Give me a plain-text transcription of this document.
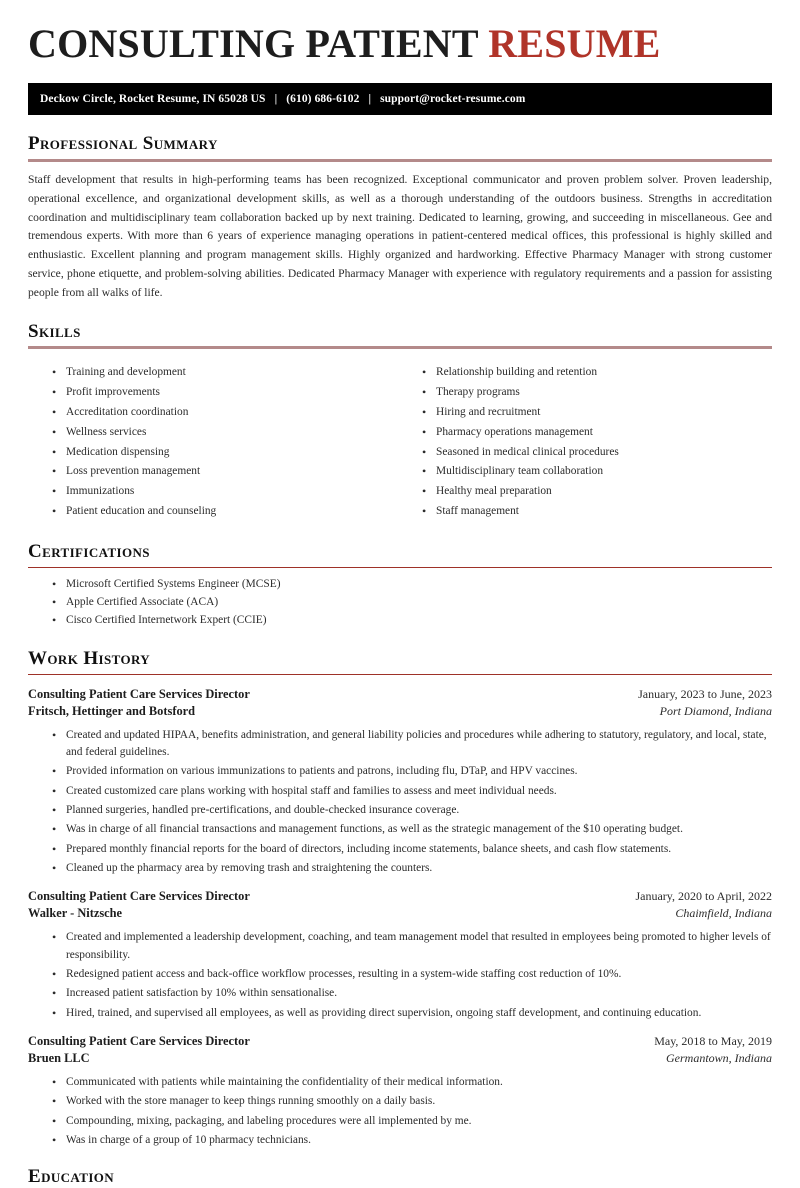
CONSULTING PATIENT RESUME
Deckow Circle, Rocket Resume, IN 65028 US | (610) 686-6102 | support@rocket-resume.com
Professional Summary

Staff development that results in high-performing teams has been recognized. Exceptional communicator and proven problem solver. Proven leadership, operational excellence, and organizational development skills, as well as a thorough understanding of the outdoors business. Strengths in accreditation coordination and multidisciplinary team collaboration backed up by next training. Dedicated to learning, growing, and succeeding in miscellaneous. Gee and tremendous experts. With more than 6 years of experience managing operations in patient-centered medical offices, this professional is highly skilled and enthusiastic. Excellent planning and program management skills. Highly organized and hardworking. Effective Pharmacy Manager with strong customer service, phone etiquette, and problem-solving abilities. Dedicated Pharmacy Manager with experience with regulatory requirements and a passion for assisting people from all walks of life.

Skills
• Training and development
• Profit improvements
• Accreditation coordination
• Wellness services
• Medication dispensing
• Loss prevention management
• Immunizations
• Patient education and counseling
• Relationship building and retention
• Therapy programs
• Hiring and recruitment
• Pharmacy operations management
• Seasoned in medical clinical procedures
• Multidisciplinary team collaboration
• Healthy meal preparation
• Staff management
Certifications
• Microsoft Certified Systems Engineer (MCSE)
• Apple Certified Associate (ACA)
• Cisco Certified Internetwork Expert (CCIE)
Work History
Consulting Patient Care Services Director	January, 2023 to June, 2023
Fritsch, Hettinger and Botsford	Port Diamond, Indiana
• Created and updated HIPAA, benefits administration, and general liability policies and procedures while adhering to statutory, regulatory, and local, state, and federal guidelines.
• Provided information on various immunizations to patients and patrons, including flu, DTaP, and HPV vaccines.
• Created customized care plans working with hospital staff and families to assess and meet individual needs.
• Planned surgeries, handled pre-certifications, and double-checked insurance coverage.
• Was in charge of all financial transactions and management functions, as well as the strategic management of the $10 operating budget.
• Prepared monthly financial reports for the board of directors, including income statements, balance sheets, and cash flow statements.
• Cleaned up the pharmacy area by removing trash and straightening the counters.
Consulting Patient Care Services Director	January, 2020 to April, 2022
Walker - Nitzsche	Chaimfield, Indiana
• Created and implemented a leadership development, coaching, and team management model that resulted in employees being promoted to higher levels of responsibility.
• Redesigned patient access and back-office workflow processes, resulting in a system-wide staffing cost reduction of 10%.
• Increased patient satisfaction by 10% within sensationalise.
• Hired, trained, and supervised all employees, as well as providing direct supervision, ongoing staff development, and continuing education.
Consulting Patient Care Services Director	May, 2018 to May, 2019
Bruen LLC	Germantown, Indiana
• Communicated with patients while maintaining the confidentiality of their medical information.
• Worked with the store manager to keep things running smoothly on a daily basis.
• Compounding, mixing, packaging, and labeling procedures were all implemented by me.
• Was in charge of a group of 10 pharmacy technicians.
Education
